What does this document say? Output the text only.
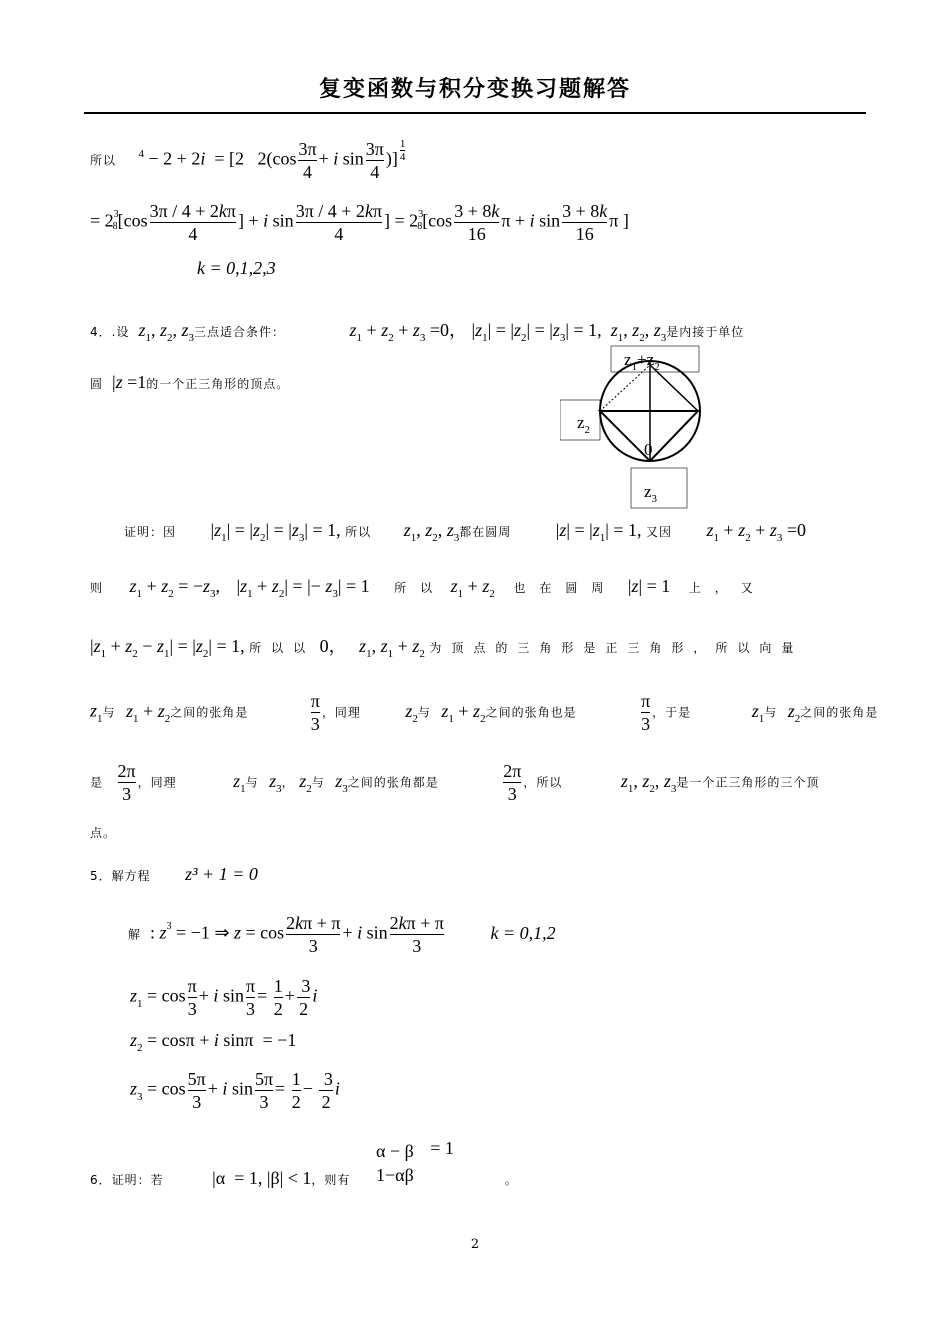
复变函数与积分变换习题解答
所以 $^4$ − 2 + 2i  = [2   $2(\cos \frac{3\pi}{4} + i$ $\sin \frac{3\pi}{4}$ )] $\frac{1}{4}$
= $2^38[\cos \frac{3\pi / 4 + 2k\pi}{4}$ ] + i $\sin \frac{3\pi / 4 + 2k\pi}{4}$ ] = $2^38[\cos \frac{3 + 8k}{16}$ π + i $\sin \frac{3 + 8k}{16}$ π ]
k = 0,1,2,3
4．.设 $z_1$, $z_2$, $z_3$三点适合条件：	$z_1 + z_2 + z_3 =0$， $|z_1| = |z_2| = |z_3| = 1$,  $z_1$, $z_2$, $z_3$是内接于单位
圆  |z =1的一个正三角形的顶点。
$z_1+z_2$
$z_2$
0
$z_3$
证明：因 $|z_1| = |z_2| = |z_3| = 1$, 所以 $z_1$, $z_2$, $z_3$都在圆周 $|z| = |z_1| = 1$, 又因 $z_1 + z_2 + z_3 =0$
则 $z_1 + z_2 = -z_3$, $|z_1 + z_2|$ = |− $z_3| = 1$ 所以 $z_1 + z_2$ 也在圆周 |z| = 1 上，又
$|z_1 + z_2 - z_1| = |z_2| = 1$, 所以以 0， $z_1$, $z_1 + z_2$ 为顶点的三角形是正三角形，所以向量
$z_1$与 $z_1 + z_2$之间的张角是	$\frac{\pi}{3}$ ，同理 $z_2$与 $z_1 + z_2$之间的张角也是	$\frac{\pi}{3}$ ，于是	$z_1$与 $z_2$之间的张角是
是 $\frac{2\pi}{3}$ ，同理	$z_1$与 $z_3$， $z_2$与 $z_3$之间的张角都是	$\frac{2\pi}{3}$ ，所以	$z_1$, $z_2$, $z_3$是一个正三角形的三个顶
点。
5．解方程 z³ + 1 = 0
解  : $z^3 = -1$ ⇒ $z = \cos \frac{2k\pi + \pi}{3} + i$ $\sin \frac{2k\pi + \pi}{3}$	k = 0,1,2
$z_1 = \cos \frac{\pi}{3} + i$ $\sin \frac{\pi}{3} = \frac{1}{2} + \frac{3}{2}$ i
$z_2 = \cos\pi + i$ sinπ  = −1
$z_3 = \cos \frac{5\pi}{3} + i$ $\sin \frac{5\pi}{3} = \frac{1}{2} - \frac{3}{2}$ i
α − β
1−αβ
= 1
6．证明：若	|α  = 1, |β| < 1，则有	。
2
